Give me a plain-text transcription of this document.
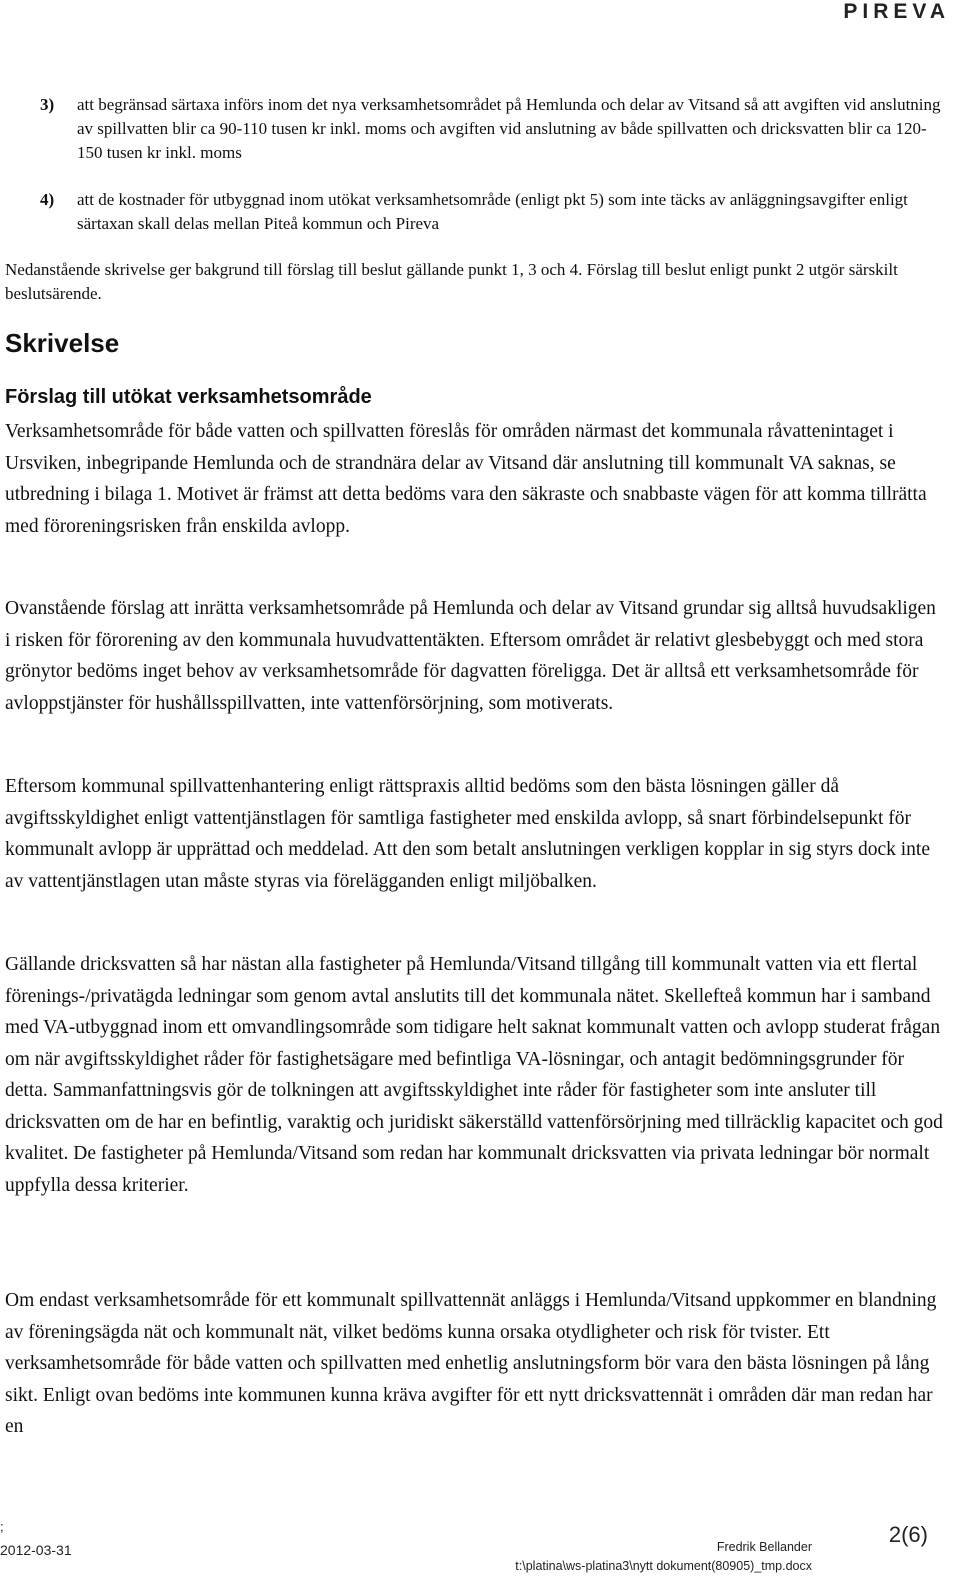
PIREVA

3) att begränsad särtaxa införs inom det nya verksamhetsområdet på Hemlunda och delar av Vitsand så att avgiften vid anslutning av spillvatten blir ca 90-110 tusen kr inkl. moms och avgiften vid anslutning av både spillvatten och dricksvatten blir ca 120-150 tusen kr inkl. moms

4) att de kostnader för utbyggnad inom utökat verksamhetsområde (enligt pkt 5) som inte täcks av anläggningsavgifter enligt särtaxan skall delas mellan Piteå kommun och Pireva

Nedanstående skrivelse ger bakgrund till förslag till beslut gällande punkt 1, 3 och 4. Förslag till beslut enligt punkt 2 utgör särskilt beslutsärende.

Skrivelse
Förslag till utökat verksamhetsområde

Verksamhetsområde för både vatten och spillvatten föreslås för områden närmast det kommunala råvattenintaget i Ursviken, inbegripande Hemlunda och de strandnära delar av Vitsand där anslutning till kommunalt VA saknas, se utbredning i bilaga 1. Motivet är främst att detta bedöms vara den säkraste och snabbaste vägen för att komma tillrätta med föroreningsrisken från enskilda avlopp.

Ovanstående förslag att inrätta verksamhetsområde på Hemlunda och delar av Vitsand grundar sig alltså huvudsakligen i risken för förorening av den kommunala huvudvattentäkten. Eftersom området är relativt glesbebyggt och med stora grönytor bedöms inget behov av verksamhetsområde för dagvatten föreligga. Det är alltså ett verksamhetsområde för avloppstjänster för hushållsspillvatten, inte vattenförsörjning, som motiverats.

Eftersom kommunal spillvattenhantering enligt rättspraxis alltid bedöms som den bästa lösningen gäller då avgiftsskyldighet enligt vattentjänstlagen för samtliga fastigheter med enskilda avlopp, så snart förbindelsepunkt för kommunalt avlopp är upprättad och meddelad. Att den som betalt anslutningen verkligen kopplar in sig styrs dock inte av vattentjänstlagen utan måste styras via förelägganden enligt miljöbalken.

Gällande dricksvatten så har nästan alla fastigheter på Hemlunda/Vitsand tillgång till kommunalt vatten via ett flertal förenings-/privatägda ledningar som genom avtal anslutits till det kommunala nätet. Skellefteå kommun har i samband med VA-utbyggnad inom ett omvandlingsområde som tidigare helt saknat kommunalt vatten och avlopp studerat frågan om när avgiftsskyldighet råder för fastighetsägare med befintliga VA-lösningar, och antagit bedömningsgrunder för detta. Sammanfattningsvis gör de tolkningen att avgiftsskyldighet inte råder för fastigheter som inte ansluter till dricksvatten om de har en befintlig, varaktig och juridiskt säkerställd vattenförsörjning med tillräcklig kapacitet och god kvalitet. De fastigheter på Hemlunda/Vitsand som redan har kommunalt dricksvatten via privata ledningar bör normalt uppfylla dessa kriterier.

Om endast verksamhetsområde för ett kommunalt spillvattennät anläggs i Hemlunda/Vitsand uppkommer en blandning av föreningsägda nät och kommunalt nät, vilket bedöms kunna orsaka otydligheter och risk för tvister. Ett verksamhetsområde för både vatten och spillvatten med enhetlig anslutningsform bör vara den bästa lösningen på lång sikt. Enligt ovan bedöms inte kommunen kunna kräva avgifter för ett nytt dricksvattennät i områden där man redan har en

;
2012-03-31	Fredrik Bellander
t:\platina\ws-platina3\nytt dokument(80905)_tmp.docx
2(6)
